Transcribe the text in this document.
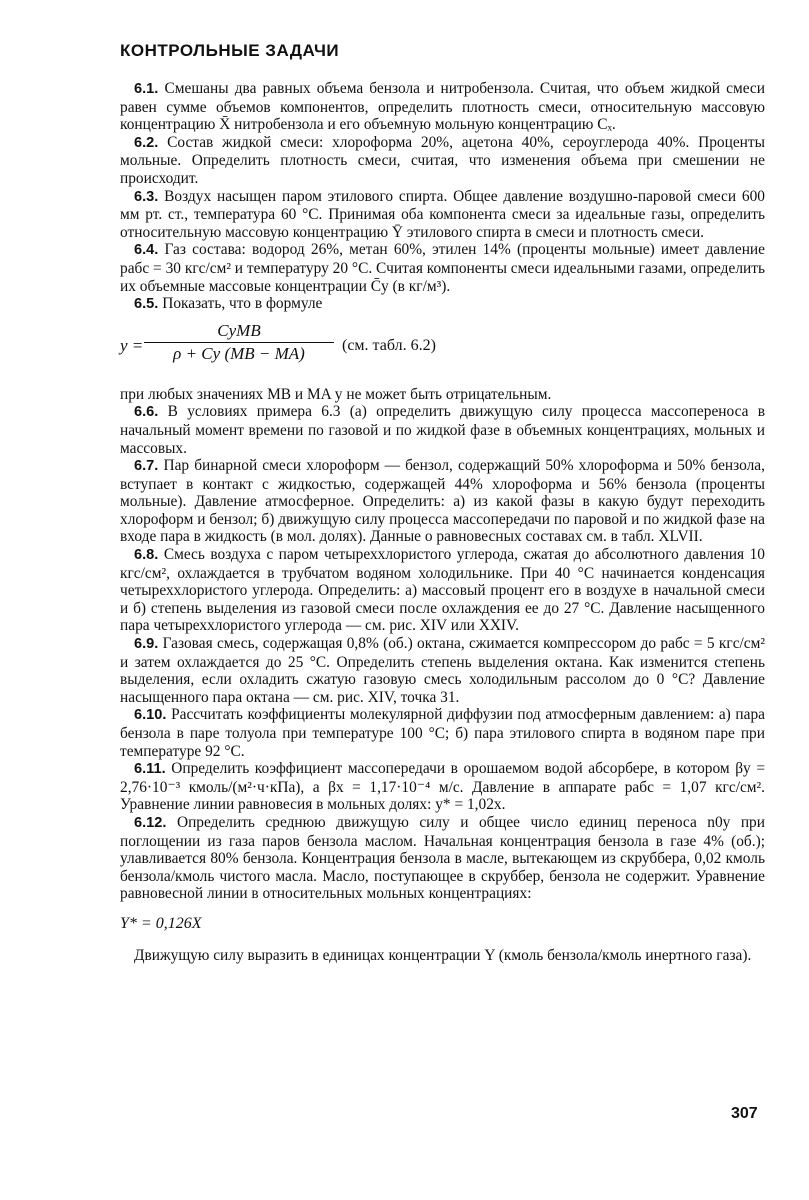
КОНТРОЛЬНЫЕ ЗАДАЧИ

6.1. Смешаны два равных объема бензола и нитробензола. Считая, что объем жидкой смеси равен сумме объемов компонентов, определить плотность смеси, относительную массовую концентрацию X̄ нитробензола и его объемную мольную концентрацию Cₓ.

6.2. Состав жидкой смеси: хлороформа 20%, ацетона 40%, сероуглерода 40%. Проценты мольные. Определить плотность смеси, считая, что изменения объема при смешении не происходит.

6.3. Воздух насыщен паром этилового спирта. Общее давление воздушно-паровой смеси 600 мм рт. ст., температура 60 °С. Принимая оба компонента смеси за идеальные газы, определить относительную массовую концентрацию Ȳ этилового спирта в смеси и плотность смеси.

6.4. Газ состава: водород 26%, метан 60%, этилен 14% (проценты мольные) имеет давление pабс = 30 кгс/см² и температуру 20 °С. Считая компоненты смеси идеальными газами, определить их объемные массовые концентрации C̄y (в кг/м³).

6.5. Показать, что в формуле

y =
CyMB
ρ + Cy (MB − MA)	(см. табл. 6.2)

при любых значениях MB и MA y не может быть отрицательным.

6.6. В условиях примера 6.3 (а) определить движущую силу процесса массопереноса в начальный момент времени по газовой и по жидкой фазе в объемных концентрациях, мольных и массовых.

6.7. Пар бинарной смеси хлороформ — бензол, содержащий 50% хлороформа и 50% бензола, вступает в контакт с жидкостью, содержащей 44% хлороформа и 56% бензола (проценты мольные). Давление атмосферное. Определить: а) из какой фазы в какую будут переходить хлороформ и бензол; б) движущую силу процесса массопередачи по паровой и по жидкой фазе на входе пара в жидкость (в мол. долях). Данные о равновесных составах см. в табл. XLVII.

6.8. Смесь воздуха с паром четыреххлористого углерода, сжатая до абсолютного давления 10 кгс/см², охлаждается в трубчатом водяном холодильнике. При 40 °С начинается конденсация четыреххлористого углерода. Определить: а) массовый процент его в воздухе в начальной смеси и б) степень выделения из газовой смеси после охлаждения ее до 27 °С. Давление насыщенного пара четыреххлористого углерода — см. рис. XIV или XXIV.

6.9. Газовая смесь, содержащая 0,8% (об.) октана, сжимается компрессором до pабс = 5 кгс/см² и затем охлаждается до 25 °С. Определить степень выделения октана. Как изменится степень выделения, если охладить сжатую газовую смесь холодильным рассолом до 0 °С? Давление насыщенного пара октана — см. рис. XIV, точка 31.

6.10. Рассчитать коэффициенты молекулярной диффузии под атмосферным давлением: а) пара бензола в паре толуола при температуре 100 °С; б) пара этилового спирта в водяном паре при температуре 92 °С.

6.11. Определить коэффициент массопередачи в орошаемом водой абсорбере, в котором βy = 2,76·10⁻³ кмоль/(м²·ч·кПа), а βx = 1,17·10⁻⁴ м/с. Давление в аппарате pабс = 1,07 кгс/см². Уравнение линии равновесия в мольных долях: y* = 1,02x.

6.12. Определить среднюю движущую силу и общее число единиц переноса n0y при поглощении из газа паров бензола маслом. Начальная концентрация бензола в газе 4% (об.); улавливается 80% бензола. Концентрация бензола в масле, вытекающем из скруббера, 0,02 кмоль бензола/кмоль чистого масла. Масло, поступающее в скруббер, бензола не содержит. Уравнение равновесной линии в относительных мольных концентрациях:

Y* = 0,126X

Движущую силу выразить в единицах концентрации Y (кмоль бензола/кмоль инертного газа).

307
